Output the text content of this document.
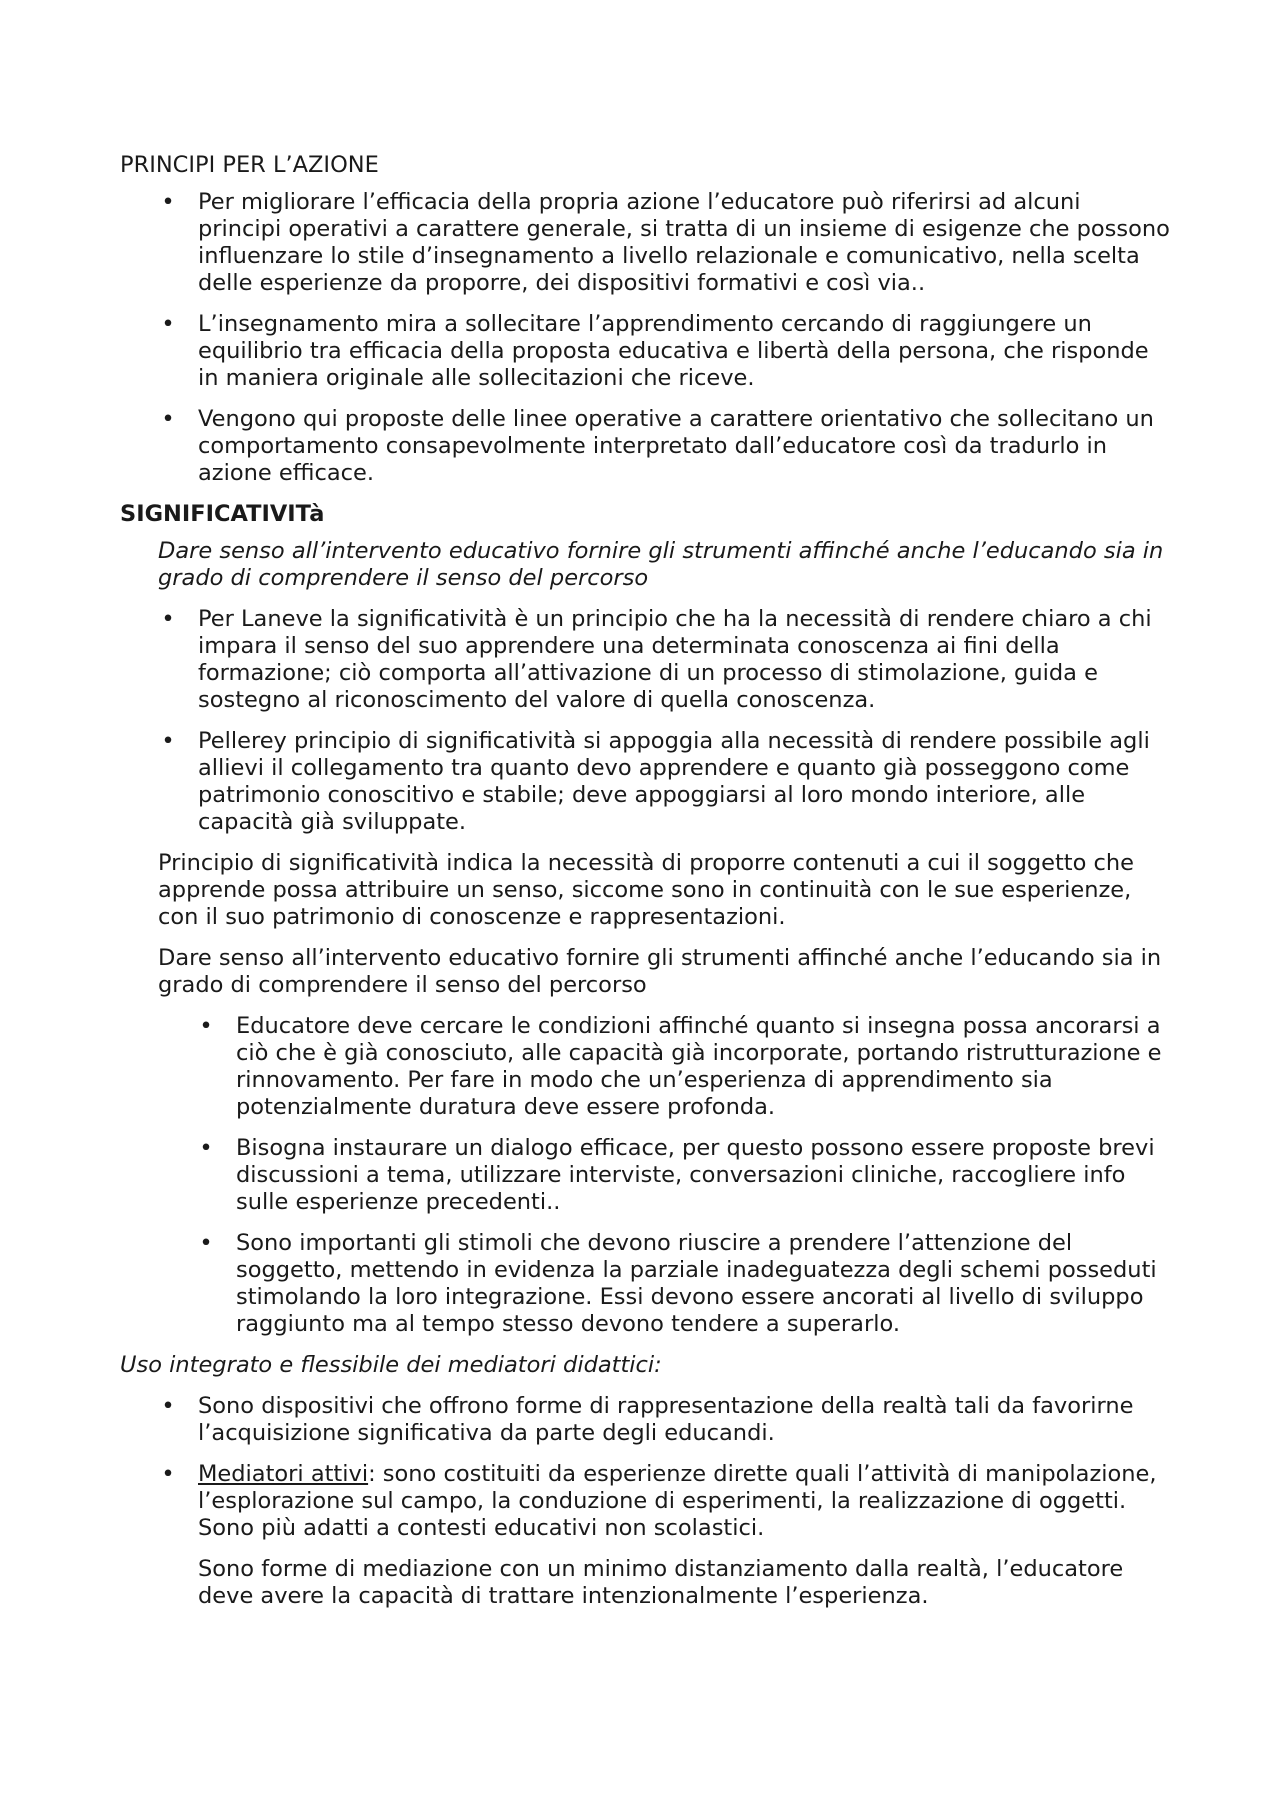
PRINCIPI PER L’AZIONE

• Per migliorare l’efficacia della propria azione l’educatore può riferirsi ad alcuni principi operativi a carattere generale, si tratta di un insieme di esigenze che possono influenzare lo stile d’insegnamento a livello relazionale e comunicativo, nella scelta delle esperienze da proporre, dei dispositivi formativi e così via..
• L’insegnamento mira a sollecitare l’apprendimento cercando di raggiungere un equilibrio tra efficacia della proposta educativa e libertà della persona, che risponde in maniera originale alle sollecitazioni che riceve.
• Vengono qui proposte delle linee operative a carattere orientativo che sollecitano un comportamento consapevolmente interpretato dall’educatore così da tradurlo in azione efficace.

SIGNIFICATIVITà

Dare senso all’intervento educativo fornire gli strumenti affinché anche l’educando sia in grado di comprendere il senso del percorso

• Per Laneve la significatività è un principio che ha la necessità di rendere chiaro a chi impara il senso del suo apprendere una determinata conoscenza ai fini della formazione; ciò comporta all’attivazione di un processo di stimolazione, guida e sostegno al riconoscimento del valore di quella conoscenza.
• Pellerey principio di significatività si appoggia alla necessità di rendere possibile agli allievi il collegamento tra quanto devo apprendere e quanto già posseggono come patrimonio conoscitivo e stabile; deve appoggiarsi al loro mondo interiore, alle capacità già sviluppate.

Principio di significatività indica la necessità di proporre contenuti a cui il soggetto che apprende possa attribuire un senso, siccome sono in continuità con le sue esperienze, con il suo patrimonio di conoscenze e rappresentazioni.

Dare senso all’intervento educativo fornire gli strumenti affinché anche l’educando sia in grado di comprendere il senso del percorso

• Educatore deve cercare le condizioni affinché quanto si insegna possa ancorarsi a ciò che è già conosciuto, alle capacità già incorporate, portando ristrutturazione e rinnovamento. Per fare in modo che un’esperienza di apprendimento sia potenzialmente duratura deve essere profonda.
• Bisogna instaurare un dialogo efficace, per questo possono essere proposte brevi discussioni a tema, utilizzare interviste, conversazioni cliniche, raccogliere info sulle esperienze precedenti..
• Sono importanti gli stimoli che devono riuscire a prendere l’attenzione del soggetto, mettendo in evidenza la parziale inadeguatezza degli schemi posseduti stimolando la loro integrazione. Essi devono essere ancorati al livello di sviluppo raggiunto ma al tempo stesso devono tendere a superarlo.

Uso integrato e flessibile dei mediatori didattici:

• Sono dispositivi che offrono forme di rappresentazione della realtà tali da favorirne l’acquisizione significativa da parte degli educandi.
• Mediatori attivi: sono costituiti da esperienze dirette quali l’attività di manipolazione, l’esplorazione sul campo, la conduzione di esperimenti, la realizzazione di oggetti. Sono più adatti a contesti educativi non scolastici.
Sono forme di mediazione con un minimo distanziamento dalla realtà, l’educatore deve avere la capacità di trattare intenzionalmente l’esperienza.
